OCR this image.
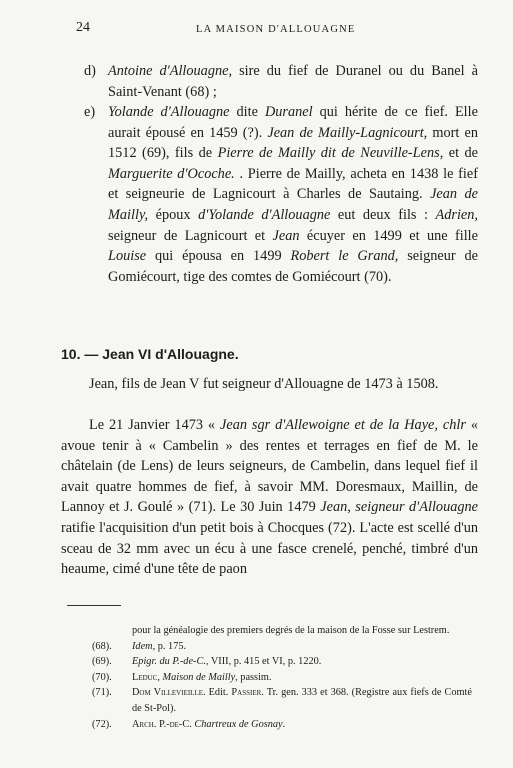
24	LA MAISON D'ALLOUAGNE
d) Antoine d'Allouagne, sire du fief de Duranel ou du Banel à Saint-Venant (68) ;
e) Yolande d'Allouagne dite Duranel qui hérite de ce fief. Elle aurait épousé en 1459 (?). Jean de Mailly-Lagnicourt, mort en 1512 (69), fils de Pierre de Mailly dit de Neuville-Lens, et de Marguerite d'Ocoche. . Pierre de Mailly, acheta en 1438 le fief et seigneurie de Lagnicourt à Charles de Sautaing. Jean de Mailly, époux d'Yolande d'Allouagne eut deux fils : Adrien, seigneur de Lagnicourt et Jean écuyer en 1499 et une fille Louise qui épousa en 1499 Robert le Grand, seigneur de Gomiécourt, tige des comtes de Gomiécourt (70).
10. — Jean VI d'Allouagne.

Jean, fils de Jean V fut seigneur d'Allouagne de 1473 à 1508.

Le 21 Janvier 1473 « Jean sgr d'Allewoigne et de la Haye, chlr « avoue tenir à « Cambelin » des rentes et terrages en fief de M. le châtelain (de Lens) de leurs seigneurs, de Cambelin, dans lequel fief il avait quatre hommes de fief, à savoir MM. Doresmaux, Maillin, de Lannoy et J. Goulé » (71). Le 30 Juin 1479 Jean, seigneur d'Allouagne ratifie l'acquisition d'un petit bois à Chocques (72). L'acte est scellé d'un sceau de 32 mm avec un écu à une fasce crenelé, penché, timbré d'un heaume, cimé d'une tête de paon

pour la généalogie des premiers degrés de la maison de la Fosse sur Lestrem.
(68). Idem, p. 175.
(69). Epigr. du P.-de-C., VIII, p. 415 et VI, p. 1220.
(70). Leduc, Maison de Mailly, passim.
(71). Dom Villevieille. Edit. Passier. Tr. gen. 333 et 368. (Registre aux fiefs de Comté de St-Pol).
(72). Arch. P.-de-C. Chartreux de Gosnay.
